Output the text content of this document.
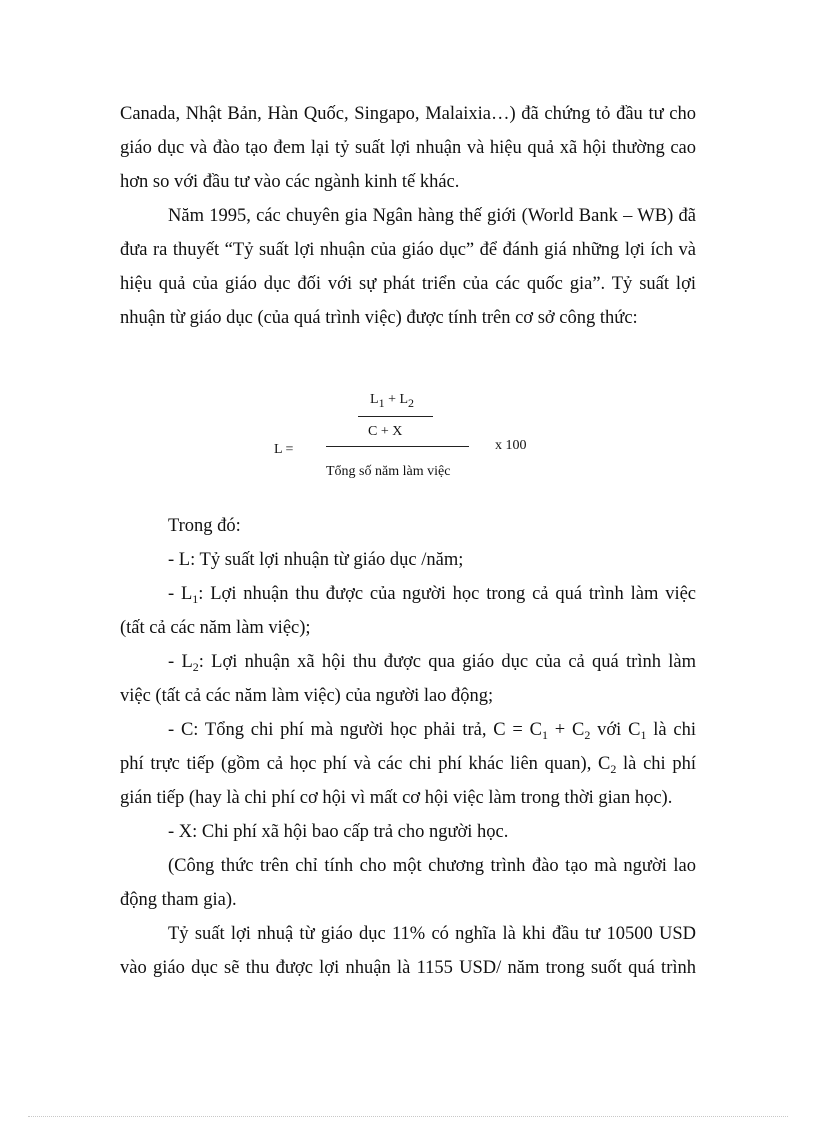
Canada, Nhật Bản, Hàn Quốc, Singapo, Malaixia…) đã chứng tỏ đầu tư cho
giáo dục và đào tạo đem lại tỷ suất lợi nhuận và hiệu quả xã hội thường cao
hơn so với đầu tư vào các ngành kinh tế khác.
Năm 1995, các chuyên gia Ngân hàng thế giới (World Bank – WB) đã
đưa ra thuyết “Tỷ suất lợi nhuận của giáo dục” để đánh giá những lợi ích và
hiệu quả của giáo dục đối với sự phát triển của các quốc gia”. Tỷ suất lợi
nhuận từ giáo dục (của quá trình việc) được tính trên cơ sở công thức:
$L_1 + L_2$
C + X
L =
Tổng số năm làm việc
x 100
Trong đó:
- L: Tỷ suất lợi nhuận từ giáo dục /năm;
- $L_1$: Lợi nhuận thu được của người học trong cả quá trình làm việc
(tất cả các năm làm việc);
- $L_2$: Lợi nhuận xã hội thu được qua giáo dục của cả quá trình làm
việc (tất cả các năm làm việc) của người lao động;
- C: Tổng chi phí mà người học phải trả, $C = C_1 + C_2$ với $C_1$ là chi
phí trực tiếp (gồm cả học phí và các chi phí khác liên quan), $C_2$ là chi phí
gián tiếp (hay là chi phí cơ hội vì mất cơ hội việc làm trong thời gian học).
- X: Chi phí xã hội bao cấp trả cho người học.
(Công thức trên chỉ tính cho một chương trình đào tạo mà người lao
động tham gia).
Tỷ suất lợi nhuậ từ giáo dục 11% có nghĩa là khi đầu tư 10500 USD
vào giáo dục sẽ thu được lợi nhuận là 1155 USD/ năm trong suốt quá trình
